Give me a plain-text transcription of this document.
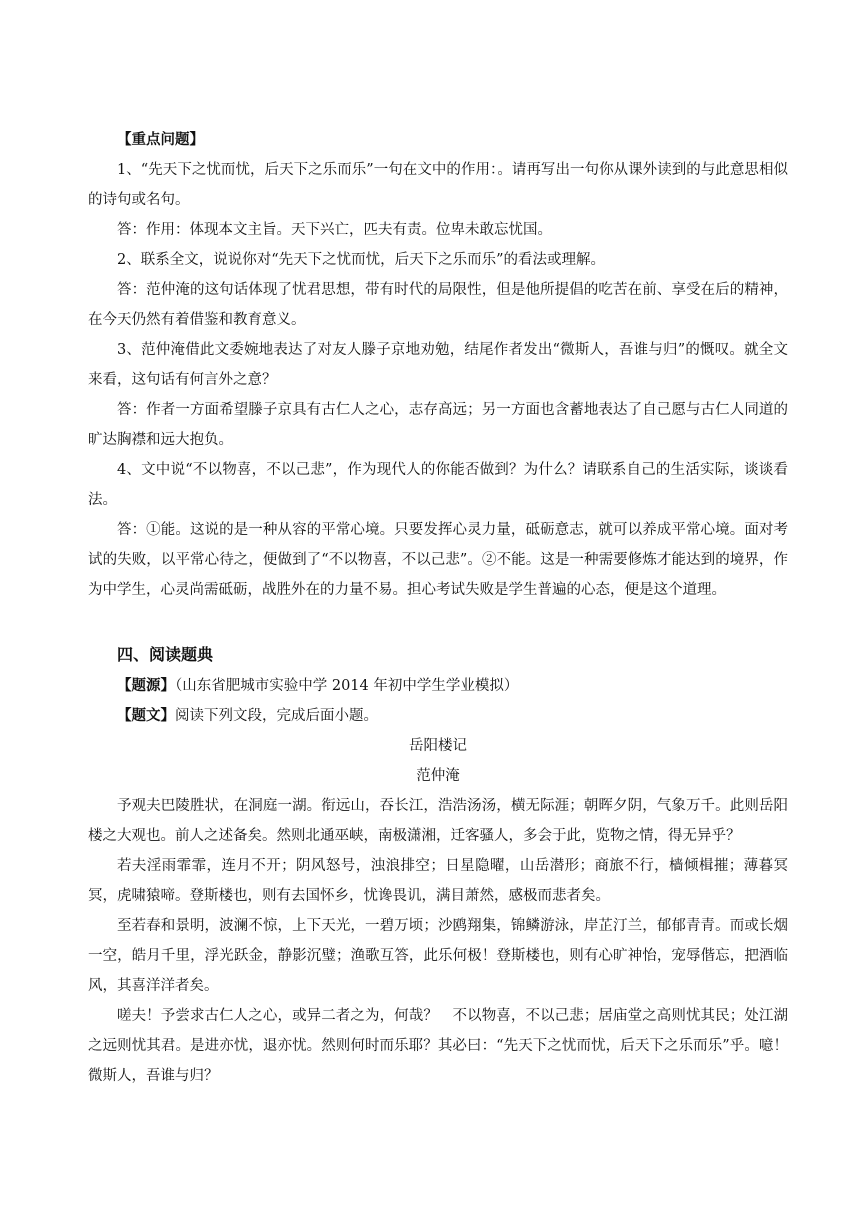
【重点问题】

1、“先天下之忧而忧，后天下之乐而乐”一句在文中的作用：。请再写出一句你从课外读到的与此意思相似的诗句或名句。

答：作用：体现本文主旨。天下兴亡，匹夫有责。位卑未敢忘忧国。

2、联系全文，说说你对“先天下之忧而忧，后天下之乐而乐”的看法或理解。

答：范仲淹的这句话体现了忧君思想，带有时代的局限性，但是他所提倡的吃苦在前、享受在后的精神，在今天仍然有着借鉴和教育意义。

3、范仲淹借此文委婉地表达了对友人滕子京地劝勉，结尾作者发出“微斯人，吾谁与归”的慨叹。就全文来看，这句话有何言外之意？

答：作者一方面希望滕子京具有古仁人之心，志存高远；另一方面也含蓄地表达了自己愿与古仁人同道的旷达胸襟和远大抱负。

4、文中说“不以物喜，不以己悲”，作为现代人的你能否做到？为什么？请联系自己的生活实际，谈谈看法。

答：①能。这说的是一种从容的平常心境。只要发挥心灵力量，砥砺意志，就可以养成平常心境。面对考试的失败，以平常心待之，便做到了“不以物喜，不以己悲”。②不能。这是一种需要修炼才能达到的境界，作为中学生，心灵尚需砥砺，战胜外在的力量不易。担心考试失败是学生普遍的心态，便是这个道理。

四、阅读题典

【题源】（山东省肥城市实验中学 2014 年初中学生学业模拟）

【题文】阅读下列文段，完成后面小题。

岳阳楼记

范仲淹

予观夫巴陵胜状，在洞庭一湖。衔远山，吞长江，浩浩汤汤，横无际涯；朝晖夕阴，气象万千。此则岳阳楼之大观也。前人之述备矣。然则北通巫峡，南极潇湘，迁客骚人，多会于此，览物之情，得无异乎？

若夫淫雨霏霏，连月不开；阴风怒号，浊浪排空；日星隐曜，山岳潜形；商旅不行，樯倾楫摧；薄暮冥冥，虎啸猿啼。登斯楼也，则有去国怀乡，忧谗畏讥，满目萧然，感极而悲者矣。

至若春和景明，波澜不惊，上下天光，一碧万顷；沙鸥翔集，锦鳞游泳，岸芷汀兰，郁郁青青。而或长烟一空，皓月千里，浮光跃金，静影沉璧；渔歌互答，此乐何极！登斯楼也，则有心旷神怡，宠辱偕忘，把酒临风，其喜洋洋者矣。

嗟夫！予尝求古仁人之心，或异二者之为，何哉？　不以物喜，不以己悲；居庙堂之高则忧其民；处江湖之远则忧其君。是进亦忧，退亦忧。然则何时而乐耶？其必曰：“先天下之忧而忧，后天下之乐而乐”乎。噫！微斯人，吾谁与归？
